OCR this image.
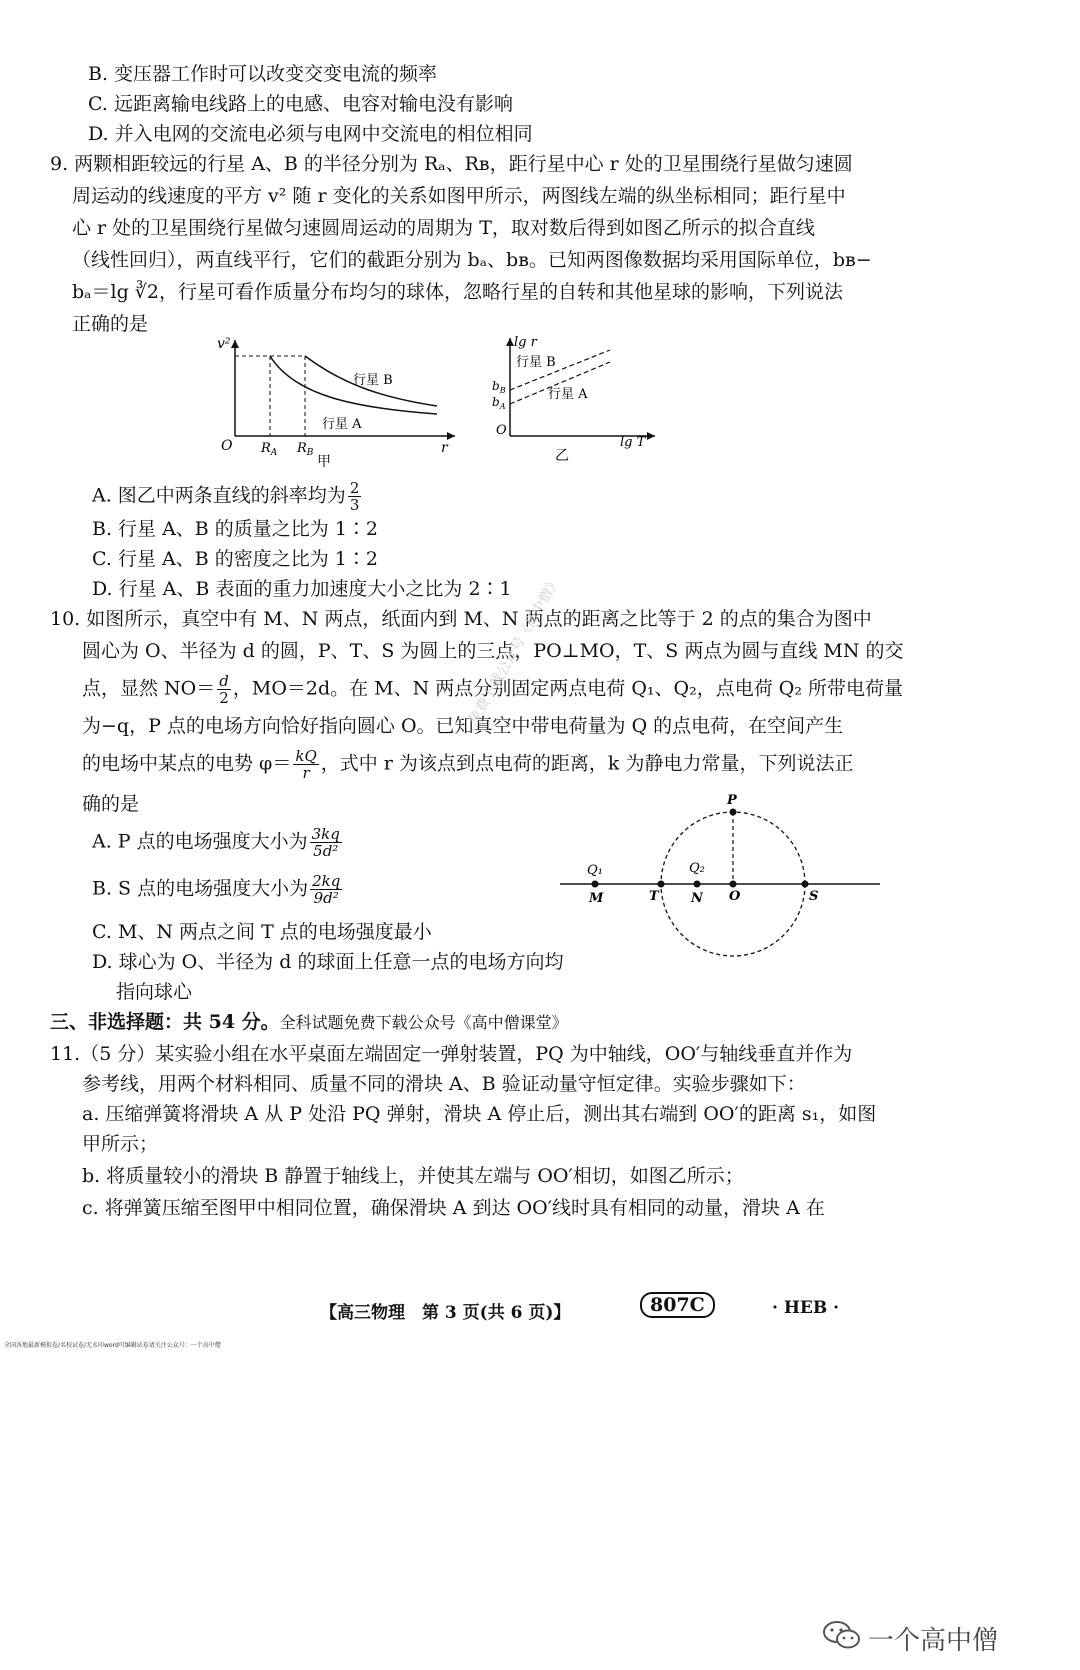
B. 变压器工作时可以改变交变电流的频率
C. 远距离输电线路上的电感、电容对输电没有影响
D. 并入电网的交流电必须与电网中交流电的相位相同
9. 两颗相距较远的行星 A、B 的半径分别为 Rₐ、Rʙ，距行星中心 r 处的卫星围绕行星做匀速圆
周运动的线速度的平方 v² 随 r 变化的关系如图甲所示，两图线左端的纵坐标相同；距行星中
心 r 处的卫星围绕行星做匀速圆周运动的周期为 T，取对数后得到如图乙所示的拟合直线
（线性回归），两直线平行，它们的截距分别为 bₐ、bʙ。已知两图像数据均采用国际单位，bʙ−
bₐ＝lg ∛2，行星可看作质量分布均匀的球体，忽略行星的自转和其他星球的影响，下列说法
正确的是
v²
O	r
$R_A$ $R_B$
行星 B
行星 A
甲
lg r
行星 B
行星 A
$b_B$
$b_A$
O
lg T
乙
A. 图乙中两条直线的斜率均为 $\frac{2}{3}$
B. 行星 A、B 的质量之比为 1∶2
C. 行星 A、B 的密度之比为 1∶2
D. 行星 A、B 表面的重力加速度大小之比为 2∶1
10. 如图所示，真空中有 M、N 两点，纸面内到 M、N 两点的距离之比等于 2 的点的集合为图中
圆心为 O、半径为 d 的圆，P、T、S 为圆上的三点，PO⊥MO，T、S 两点为圆与直线 MN 的交
点，显然 $NO= \frac{d}{2}$ ，MO＝2d。在 M、N 两点分别固定两点电荷 Q₁、Q₂，点电荷 Q₂ 所带电荷量
为−q，P 点的电场方向恰好指向圆心 O。已知真空中带电荷量为 Q 的点电荷，在空间产生
的电场中某点的电势 $\varphi= \frac{kQ}{r}$ ，式中 r 为该点到点电荷的距离，k 为静电力常量，下列说法正
确的是
A. P 点的电场强度大小为 $\frac{3kq}{\text{5d²}}$
B. S 点的电场强度大小为 $\frac{2kq}{\text{9d²}}$
C. M、N 两点之间 T 点的电场强度最小
D. 球心为 O、半径为 d 的球面上任意一点的电场方向均
指向球心
P
Q₁	Q₂
M	T N O	S
三、非选择题：共 54 分。全科试题免费下载公众号《高中僧课堂》
11.（5 分）某实验小组在水平桌面左端固定一弹射装置，PQ 为中轴线，OO′与轴线垂直并作为
参考线，用两个材料相同、质量不同的滑块 A、B 验证动量守恒定律。实验步骤如下：
a. 压缩弹簧将滑块 A 从 P 处沿 PQ 弹射，滑块 A 停止后，测出其右端到 OO′的距离 s₁，如图
甲所示；
b. 将质量较小的滑块 B 静置于轴线上，并使其左端与 OO′相切，如图乙所示；
c. 将弹簧压缩至图甲中相同位置，确保滑块 A 到达 OO′线时具有相同的动量，滑块 A 在
【高三物理　第 3 页(共 6 页)】	807C	· HEB ·
全国各地最新模拟卷/名校试卷/无水印word可编辑试卷请关注公众号：一个高中僧
免费下载公众号《高中僧》
一个高中僧
